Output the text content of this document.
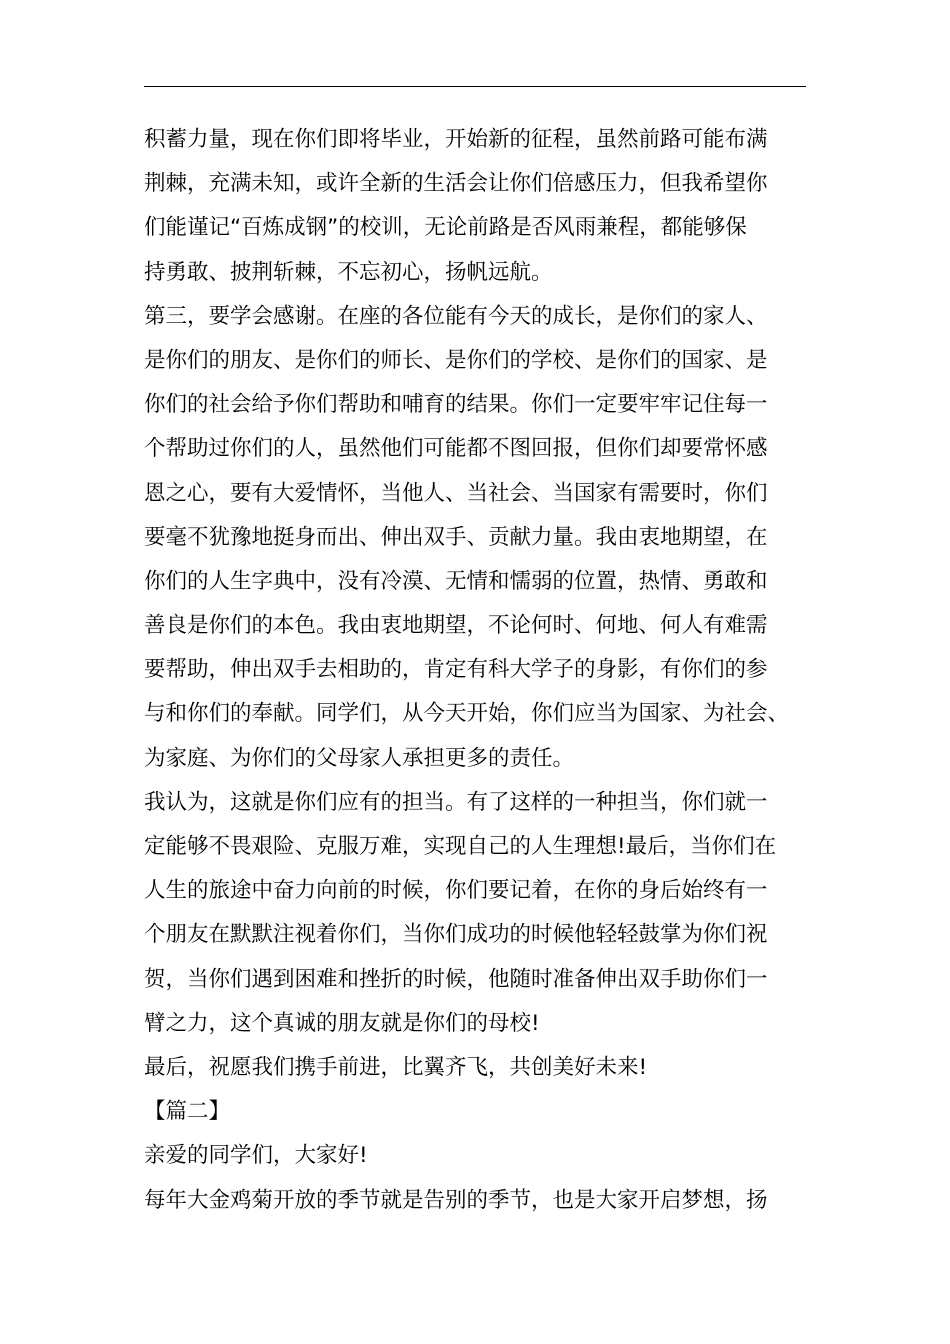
积蓄力量，现在你们即将毕业，开始新的征程，虽然前路可能布满
荆棘，充满未知，或许全新的生活会让你们倍感压力，但我希望你
们能谨记“百炼成钢”的校训，无论前路是否风雨兼程，都能够保
持勇敢、披荆斩棘，不忘初心，扬帆远航。
第三，要学会感谢。在座的各位能有今天的成长，是你们的家人、
是你们的朋友、是你们的师长、是你们的学校、是你们的国家、是
你们的社会给予你们帮助和哺育的结果。你们一定要牢牢记住每一
个帮助过你们的人，虽然他们可能都不图回报，但你们却要常怀感
恩之心，要有大爱情怀，当他人、当社会、当国家有需要时，你们
要毫不犹豫地挺身而出、伸出双手、贡献力量。我由衷地期望，在
你们的人生字典中，没有冷漠、无情和懦弱的位置，热情、勇敢和
善良是你们的本色。我由衷地期望，不论何时、何地、何人有难需
要帮助，伸出双手去相助的，肯定有科大学子的身影，有你们的参
与和你们的奉献。同学们，从今天开始，你们应当为国家、为社会、
为家庭、为你们的父母家人承担更多的责任。
我认为，这就是你们应有的担当。有了这样的一种担当，你们就一
定能够不畏艰险、克服万难，实现自己的人生理想!最后，当你们在
人生的旅途中奋力向前的时候，你们要记着，在你的身后始终有一
个朋友在默默注视着你们，当你们成功的时候他轻轻鼓掌为你们祝
贺，当你们遇到困难和挫折的时候，他随时准备伸出双手助你们一
臂之力，这个真诚的朋友就是你们的母校!
最后，祝愿我们携手前进，比翼齐飞，共创美好未来!
【篇二】
亲爱的同学们，大家好!
每年大金鸡菊开放的季节就是告别的季节，也是大家开启梦想，扬
